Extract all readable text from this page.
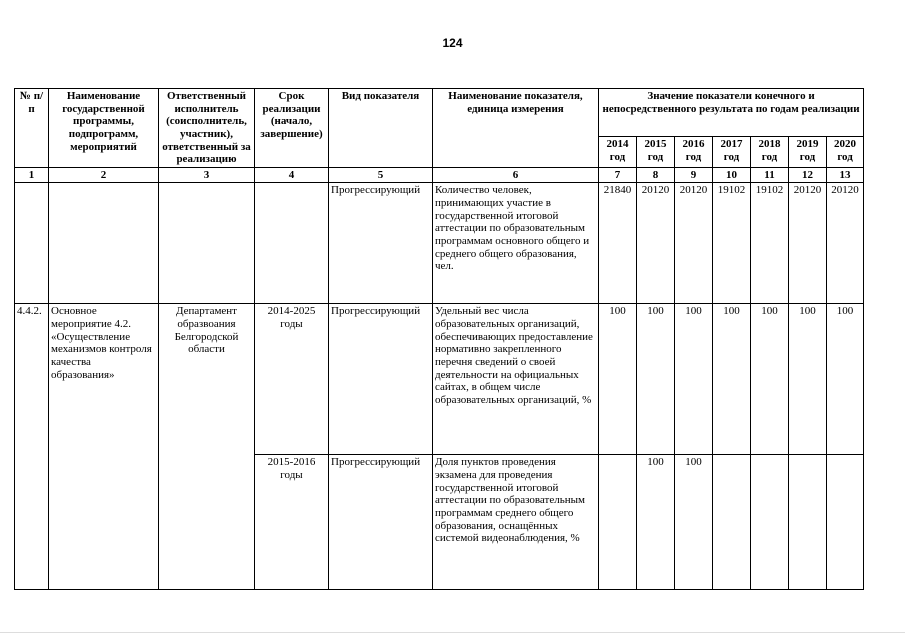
124
№ п/п	Наименование государственной программы, подпрограмм, мероприятий	Ответственный исполнитель (соисполнитель, участник), ответственный за реализацию	Срок реализации (начало, завершение)	Вид показателя	Наименование показателя, единица измерения	Значение показатели конечного и непосредственного результата по годам реализации						
						2014 год	2015 год	2016 год	2017 год	2018 год	2019 год	2020 год
1	2	3	4	5	6	7	8	9	10	11	12	13
				Прогрессирующий	Количество человек, принимающих участие в государственной итоговой аттестации по образовательным программам основного общего и среднего общего образования, чел.	21840	20120	20120	19102	19102	20120	20120
4.4.2.	Основное мероприятие 4.2. «Осуществление механизмов контроля качества образования»	Департамент образвоания Белгородской области	2014-2025 годы	Прогрессирующий	Удельный вес числа образовательных организаций, обеспечивающих предоставление нормативно закрепленного перечня сведений о своей деятельности на официальных сайтах, в общем числе образовательных организаций, %	100	100	100	100	100	100	100
			2015-2016 годы	Прогрессирующий	Доля пунктов проведения экзамена для проведения государственной итоговой аттестации по образовательным программам среднего общего образования, оснащённых системой видеонаблюдения, %		100	100				
